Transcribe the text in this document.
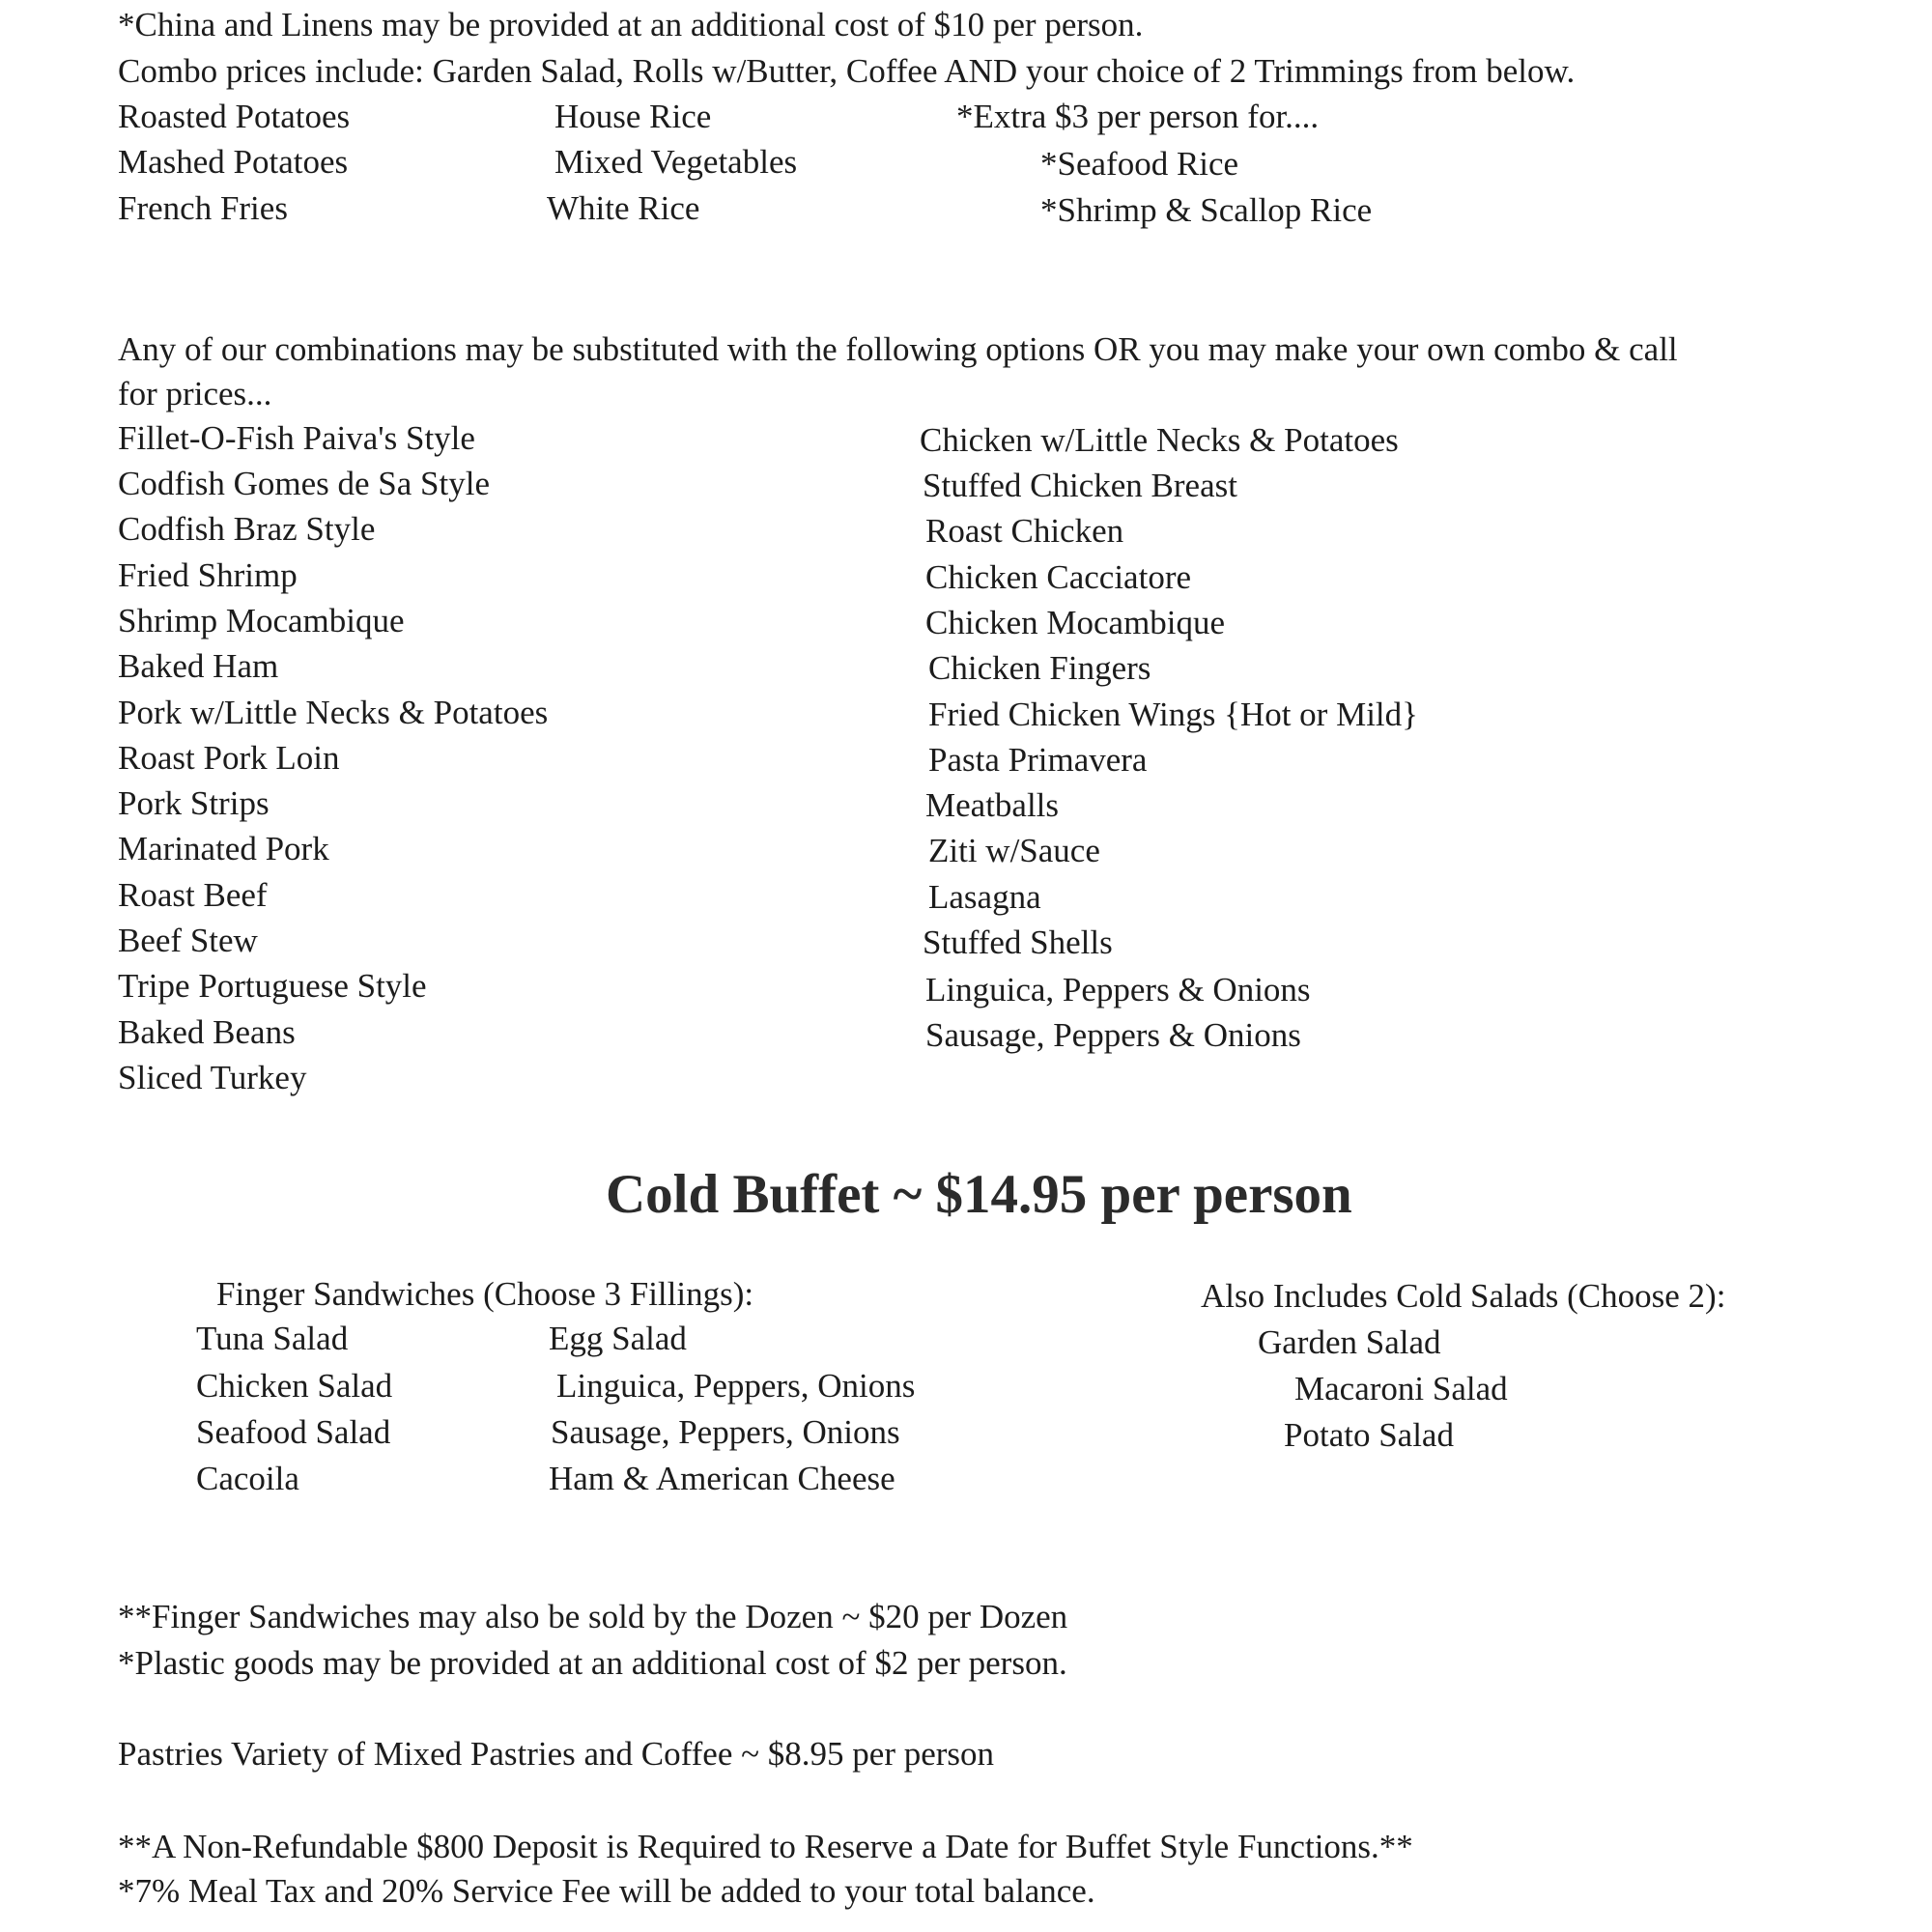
*China and Linens may be provided at an additional cost of $10 per person.
Combo prices include: Garden Salad, Rolls w/Butter, Coffee AND your choice of 2 Trimmings from below.
Roasted Potatoes
Mashed Potatoes
French Fries
House Rice
Mixed Vegetables
White Rice
*Extra $3 per person for....
*Seafood Rice
*Shrimp & Scallop Rice
Any of our combinations may be substituted with the following options OR you may make your own combo & call
for prices...
Fillet-O-Fish Paiva's Style
Codfish Gomes de Sa Style
Codfish Braz Style
Fried Shrimp
Shrimp Mocambique
Baked Ham
Pork w/Little Necks & Potatoes
Roast Pork Loin
Pork Strips
Marinated Pork
Roast Beef
Beef Stew
Tripe Portuguese Style
Baked Beans
Sliced Turkey
Chicken w/Little Necks & Potatoes
Stuffed Chicken Breast
Roast Chicken
Chicken Cacciatore
Chicken Mocambique
Chicken Fingers
Fried Chicken Wings {Hot or Mild}
Pasta Primavera
Meatballs
Ziti w/Sauce
Lasagna
Stuffed Shells
Linguica, Peppers & Onions
Sausage, Peppers & Onions
Cold Buffet ~ $14.95 per person
Finger Sandwiches (Choose 3 Fillings):
Tuna Salad
Chicken Salad
Seafood Salad
Cacoila
Egg Salad
Linguica, Peppers, Onions
Sausage, Peppers, Onions
Ham & American Cheese
Also Includes Cold Salads (Choose 2):
Garden Salad
Macaroni Salad
Potato Salad
**Finger Sandwiches may also be sold by the Dozen ~ $20 per Dozen
*Plastic goods may be provided at an additional cost of $2 per person.
Pastries Variety of Mixed Pastries and Coffee ~ $8.95 per person
**A Non-Refundable $800 Deposit is Required to Reserve a Date for Buffet Style Functions.**
*7% Meal Tax and 20% Service Fee will be added to your total balance.
